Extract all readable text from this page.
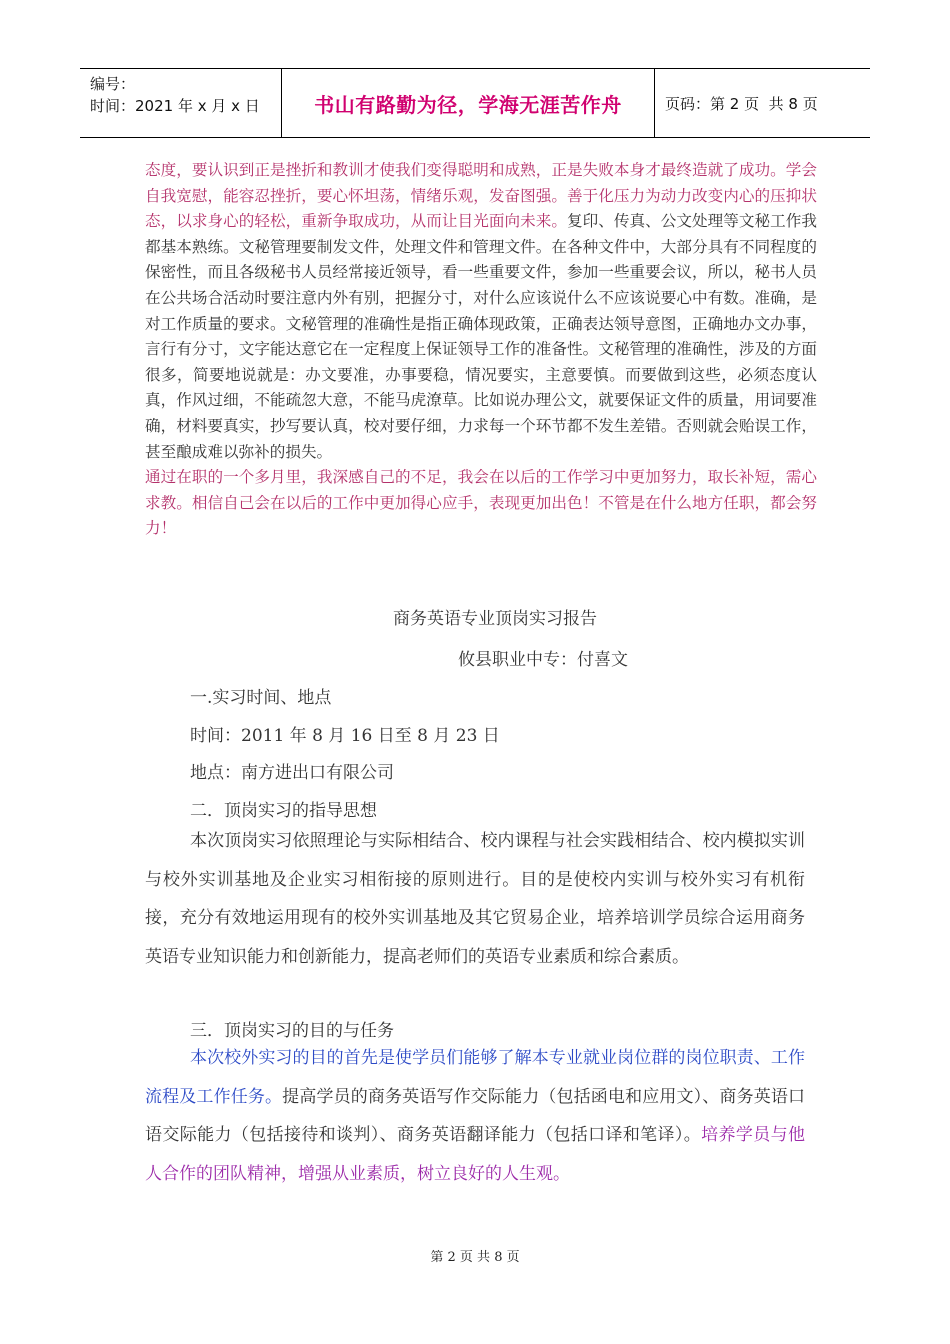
编号：
时间：2021 年 x 月 x 日	书山有路勤为径，学海无涯苦作舟	页码：第 2 页  共 8 页

态度，要认识到正是挫折和教训才使我们变得聪明和成熟，正是失败本身才最终造就了成功。学会自我宽慰，能容忍挫折，要心怀坦荡，情绪乐观，发奋图强。善于化压力为动力改变内心的压抑状态，以求身心的轻松，重新争取成功，从而让目光面向未来。复印、传真、公文处理等文秘工作我都基本熟练。文秘管理要制发文件，处理文件和管理文件。在各种文件中，大部分具有不同程度的保密性，而且各级秘书人员经常接近领导，看一些重要文件，参加一些重要会议，所以，秘书人员在公共场合活动时要注意内外有别，把握分寸，对什么应该说什么不应该说要心中有数。准确，是对工作质量的要求。文秘管理的准确性是指正确体现政策，正确表达领导意图，正确地办文办事，言行有分寸，文字能达意它在一定程度上保证领导工作的准备性。文秘管理的准确性，涉及的方面很多，简要地说就是：办文要准，办事要稳，情况要实，主意要慎。而要做到这些，必须态度认真，作风过细，不能疏忽大意，不能马虎潦草。比如说办理公文，就要保证文件的质量，用词要准确，材料要真实，抄写要认真，校对要仔细，力求每一个环节都不发生差错。否则就会贻误工作，甚至酿成难以弥补的损失。

通过在职的一个多月里，我深感自己的不足，我会在以后的工作学习中更加努力，取长补短，需心求教。相信自己会在以后的工作中更加得心应手，表现更加出色！不管是在什么地方任职，都会努力！

商务英语专业顶岗实习报告
攸县职业中专：付喜文
一.实习时间、地点
时间：2011 年 8 月 16 日至 8 月 23 日
地点：南方进出口有限公司
二．顶岗实习的指导思想

本次顶岗实习依照理论与实际相结合、校内课程与社会实践相结合、校内模拟实训与校外实训基地及企业实习相衔接的原则进行。目的是使校内实训与校外实习有机衔接，充分有效地运用现有的校外实训基地及其它贸易企业，培养培训学员综合运用商务英语专业知识能力和创新能力，提高老师们的英语专业素质和综合素质。

三．顶岗实习的目的与任务

本次校外实习的目的首先是使学员们能够了解本专业就业岗位群的岗位职责、工作流程及工作任务。提高学员的商务英语写作交际能力（包括函电和应用文）、商务英语口语交际能力（包括接待和谈判）、商务英语翻译能力（包括口译和笔译）。培养学员与他人合作的团队精神，增强从业素质，树立良好的人生观。

第 2 页 共 8 页
